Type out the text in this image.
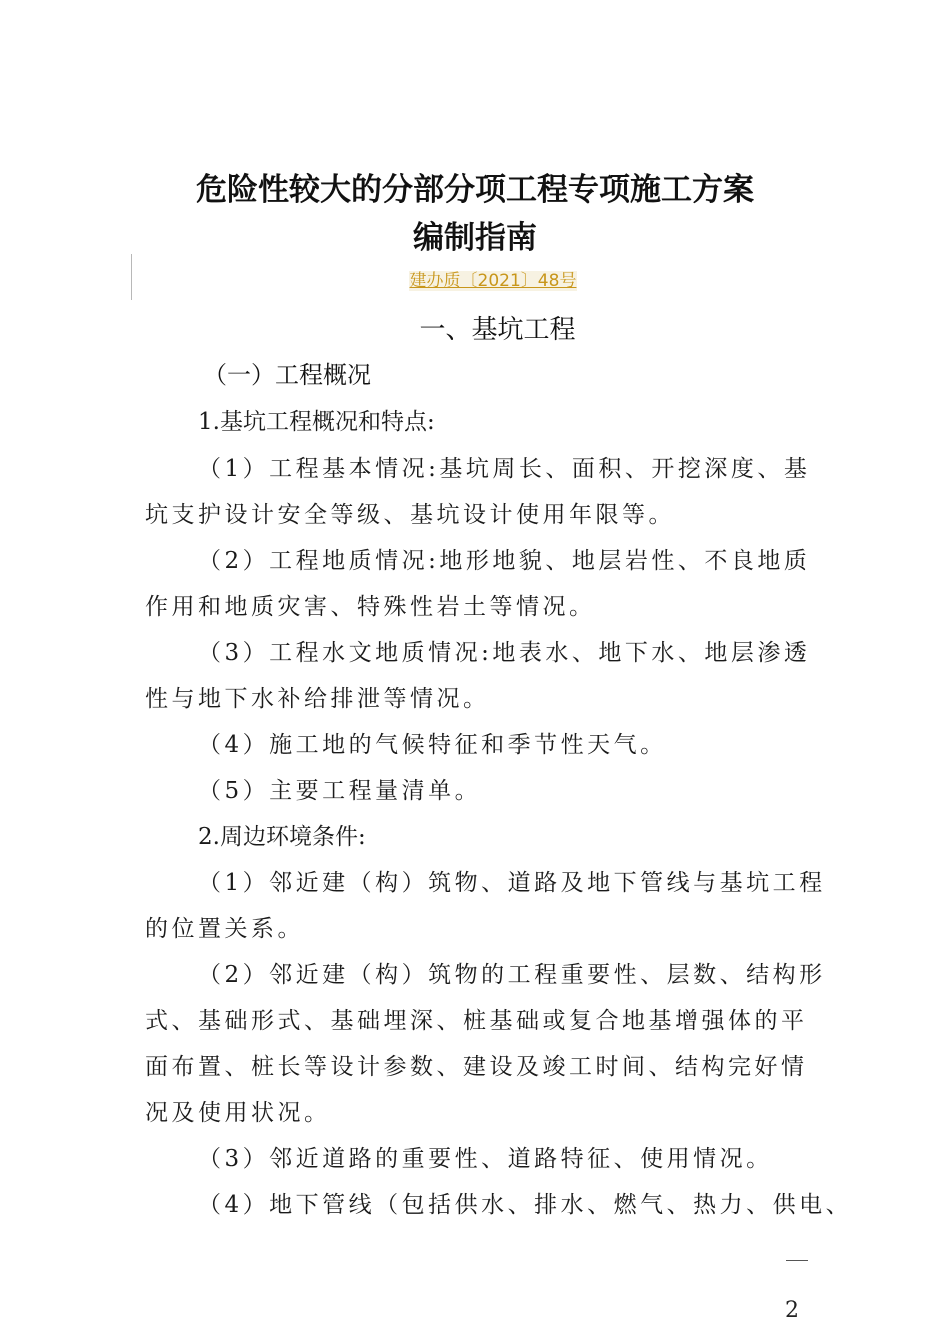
危险性较大的分部分项工程专项施工方案
编制指南
建办质〔2021〕48号
一、基坑工程
（一）工程概况
1.基坑工程概况和特点:
（1）工程基本情况:基坑周长、面积、开挖深度、基
坑支护设计安全等级、基坑设计使用年限等。
（2）工程地质情况:地形地貌、地层岩性、不良地质
作用和地质灾害、特殊性岩土等情况。
（3）工程水文地质情况:地表水、地下水、地层渗透
性与地下水补给排泄等情况。
（4）施工地的气候特征和季节性天气。
（5）主要工程量清单。
2.周边环境条件:
（1）邻近建（构）筑物、道路及地下管线与基坑工程
的位置关系。
（2）邻近建（构）筑物的工程重要性、层数、结构形
式、基础形式、基础埋深、桩基础或复合地基增强体的平
面布置、桩长等设计参数、建设及竣工时间、结构完好情
况及使用状况。
（3）邻近道路的重要性、道路特征、使用情况。
（4）地下管线（包括供水、排水、燃气、热力、供电、
2
